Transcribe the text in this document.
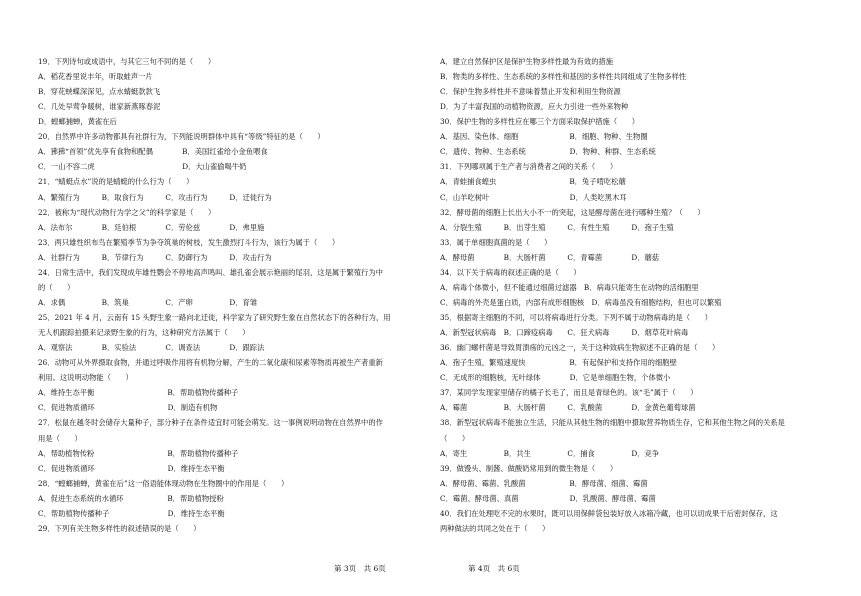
19．下列诗句或成语中，与其它三句不同的是（　　）
A．稻花香里说丰年，听取蛙声一片
B．穿花蛱蝶深深见，点水蜻蜓款款飞
C．几处早莺争暖树，谁家新燕啄春泥
D．螳螂捕蝉，黄雀在后
20．自然界中许多动物都具有社群行为，下列能说明群体中具有“等级”特征的是（　　）
A．狒狒“首领”优先享有食物和配偶　　　　B．美国红雀给小金鱼喂食
C．一山不容二虎　　　　　　　　　　　　D．大山雀偷喝牛奶
21．“蜻蜓点水”说的是蜻蜓的什么行为（　　）
A．繁殖行为　　　B．取食行为　　　C．攻击行为　　　D．迁徙行为
22．被称为“现代动物行为学之父”的科学家是（　　）
A．法布尔　　　　B．廷伯根　　　　C．劳伦兹　　　　D．弗里施
23．两只雄性织布鸟在繁殖季节为争夺筑巢的树枝，发生激烈打斗行为，该行为属于（　　）
A．社群行为　　　B．节律行为　　　C．防御行为　　　D．攻击行为
24．日常生活中，我们发现成年雄性鹦会不停地高声鸣叫、雄孔雀会展示艳丽的尾羽，这是属于繁殖行为中
的（　　）
A．求偶　　　　　B．筑巢　　　　　C．产卵　　　　　D．育雏
25．2021 年 4 月，云南有 15 头野生象一路向北迁徙，科学家为了研究野生象在自然状态下的各种行为，用
无人机跟踪拍摄来记录野生象的行为，这种研究方法属于（　　）
A．观察法　　　　B．实验法　　　　C．调查法　　　　D．跟踪法
26．动物可从外界摄取食物，并通过呼吸作用将有机物分解，产生的二氧化碳和尿素等物质再被生产者重新
利用。这说明动物能（　　）
A．维持生态平衡　　　　　　　　　　B．帮助植物传播种子
C．促进物质循环　　　　　　　　　　D．制造有机物
27．松鼠在越冬时会储存大量种子，部分种子在条件适宜时可能会萌发。这一事例说明动物在自然界中的作
用是（　　）
A．帮助植物传粉　　　　　　　　　　B．帮助植物传播种子
C．促进物质循环　　　　　　　　　　D．维持生态平衡
28．“螳螂捕蝉，黄雀在后”这一俗语能体现动物在生物圈中的作用是（　　）
A．促进生态系统的水循环　　　　　　B．帮助植物授粉
C．帮助植物传播种子　　　　　　　　D．维持生态平衡
29．下列有关生物多样性的叙述错误的是（　　）
第 3页　共 6页
A．建立自然保护区是保护生物多样性最为有效的措施
B．物类的多样性、生态系统的多样性和基因的多样性共同组成了生物多样性
C．保护生物多样性并不意味着禁止开发和利用生物资源
D．为了丰富我国的动植物资源，应大力引进一些外来物种
30．保护生物的多样性应在哪三个方面采取保护措施（　　）
A．基因、染色体、细胞　　　　　　　B．细胞、物种、生物圈
C．遗传、物种、生态系统　　　　　　D．物种、种群、生态系统
31．下列哪项属于生产者与消费者之间的关系（　　）
A．青蛙捕食蝗虫　　　　　　　　　　B．兔子啃吃松蘑
C．山羊吃树叶　　　　　　　　　　　D．人类吃黑木耳
32．酵母菌的细胞上长出大小不一的突起，这是酵母菌在进行哪种生殖？（　　）
A．分裂生殖　　　B．出芽生殖　　　C．有性生殖　　　D．孢子生殖
33．属于单细胞真菌的是（　　）
A．酵母菌　　　　B．大肠杆菌　　　C．青霉菌　　　　D．蘑菇
34．以下关于病毒的叙述正确的是（　　）
A．病毒个体微小，但不能通过细菌过滤器　B．病毒只能寄生在动物的活细胞里
C．病毒的外壳是蛋白质，内部有成形细胞核　D．病毒虽没有细胞结构，但也可以繁殖
35．根据寄主细胞的不同，可以将病毒进行分类。下列不属于动物病毒的是（　　）
A．新型冠状病毒　B．口蹄疫病毒　　C．狂犬病毒　　　D．烟草花叶病毒
36．幽门螺杆菌是导致胃溃疡的元凶之一，关于这种致病生物叙述不正确的是（　　）
A．孢子生殖，繁殖速度快　　　　　　B．有起保护和支持作用的细胞壁
C．无成形的细胞核，无叶绿体　　　　D．它是单细胞生物，个体微小
37．某同学发现家里储存的橘子长毛了，而且是青绿色的。该“毛”属于（　　）
A．霉菌　　　　　B．大肠杆菌　　　C．乳酸菌　　　　D．金黄色葡萄球菌
38．新型冠状病毒不能独立生活，只能从其他生物的细胞中摄取营养物质生存，它和其他生物之间的关系是
（　　）
A．寄生　　　　　B．共生　　　　　C．捕食　　　　　D．竞争
39．做馒头、制酱、做酸奶常用到的微生物是（　　）
A．酵母菌、霉菌、乳酸菌　　　　　　B．酵母菌、细菌、霉菌
C．霉菌、酵母菌、真菌　　　　　　　D．乳酸菌、酵母菌、霉菌
40．我们在处理吃不完的水果时，既可以用保鲜袋包装好放入冰箱冷藏，也可以切成果干后密封保存，这
两种做法的共同之处在于（　　）
第 4页　共 6页
